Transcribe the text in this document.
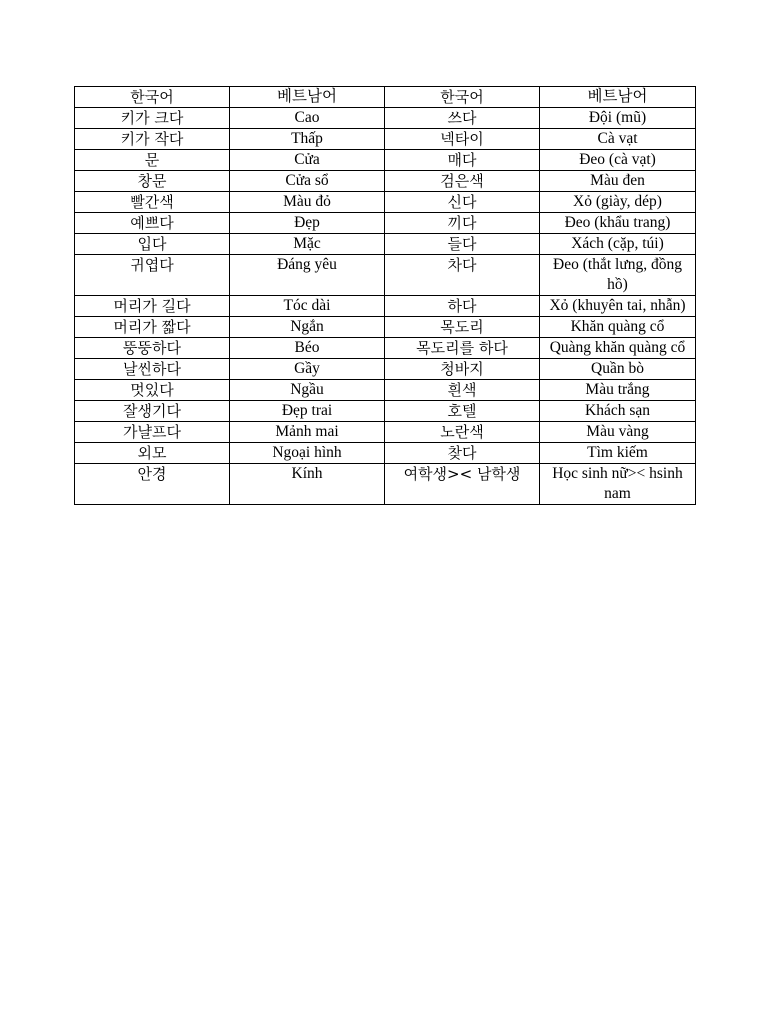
한국어	베트남어	한국어	베트남어
키가 크다	Cao	쓰다	Đội (mũ)
키가 작다	Thấp	넥타이	Cà vạt
문	Cửa	매다	Đeo (cà vạt)
창문	Cửa sổ	검은색	Màu đen
빨간색	Màu đỏ	신다	Xỏ (giày, dép)
예쁘다	Đẹp	끼다	Đeo (khẩu trang)
입다	Mặc	들다	Xách (cặp, túi)
귀엽다	Đáng yêu	차다	Đeo (thắt lưng, đồng hồ)
머리가 길다	Tóc dài	하다	Xỏ (khuyên tai, nhẫn)
머리가 짧다	Ngắn	목도리	Khăn quàng cổ
뚱뚱하다	Béo	목도리를 하다	Quàng khăn quàng cổ
날씬하다	Gầy	청바지	Quần bò
멋있다	Ngầu	흰색	Màu trắng
잘생기다	Đẹp trai	호텔	Khách sạn
가냘프다	Mảnh mai	노란색	Màu vàng
외모	Ngoại hình	찾다	Tìm kiếm
안경	Kính	여학생>< 남학생	Học sinh nữ>< hsinh nam
